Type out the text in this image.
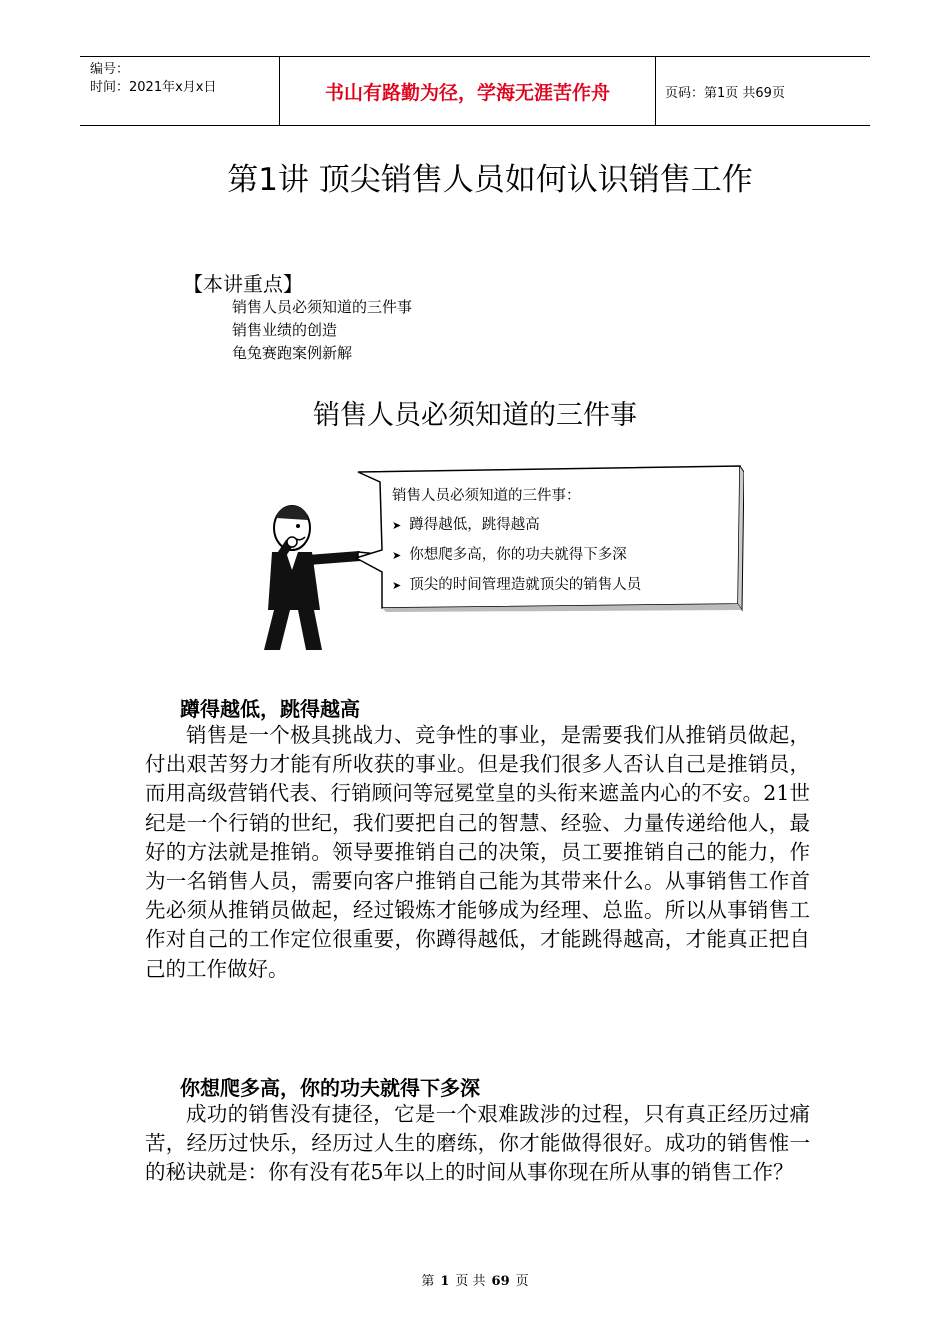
编号：
时间：2021年x月x日	书山有路勤为径，学海无涯苦作舟	页码：第1页 共69页
第1讲 顶尖销售人员如何认识销售工作
【本讲重点】
销售人员必须知道的三件事
销售业绩的创造
龟兔赛跑案例新解
销售人员必须知道的三件事
销售人员必须知道的三件事：
➤ 蹲得越低，跳得越高
➤ 你想爬多高，你的功夫就得下多深
➤ 顶尖的时间管理造就顶尖的销售人员
蹲得越低，跳得越高

销售是一个极具挑战力、竞争性的事业，是需要我们从推销员做起，付出艰苦努力才能有所收获的事业。但是我们很多人否认自己是推销员，而用高级营销代表、行销顾问等冠冕堂皇的头衔来遮盖内心的不安。21世纪是一个行销的世纪，我们要把自己的智慧、经验、力量传递给他人，最好的方法就是推销。领导要推销自己的决策，员工要推销自己的能力，作为一名销售人员，需要向客户推销自己能为其带来什么。从事销售工作首先必须从推销员做起，经过锻炼才能够成为经理、总监。所以从事销售工作对自己的工作定位很重要，你蹲得越低，才能跳得越高，才能真正把自己的工作做好。

你想爬多高，你的功夫就得下多深

成功的销售没有捷径，它是一个艰难跋涉的过程，只有真正经历过痛苦，经历过快乐，经历过人生的磨练，你才能做得很好。成功的销售惟一的秘诀就是：你有没有花5年以上的时间从事你现在所从事的销售工作？

第 1 页 共 69 页
